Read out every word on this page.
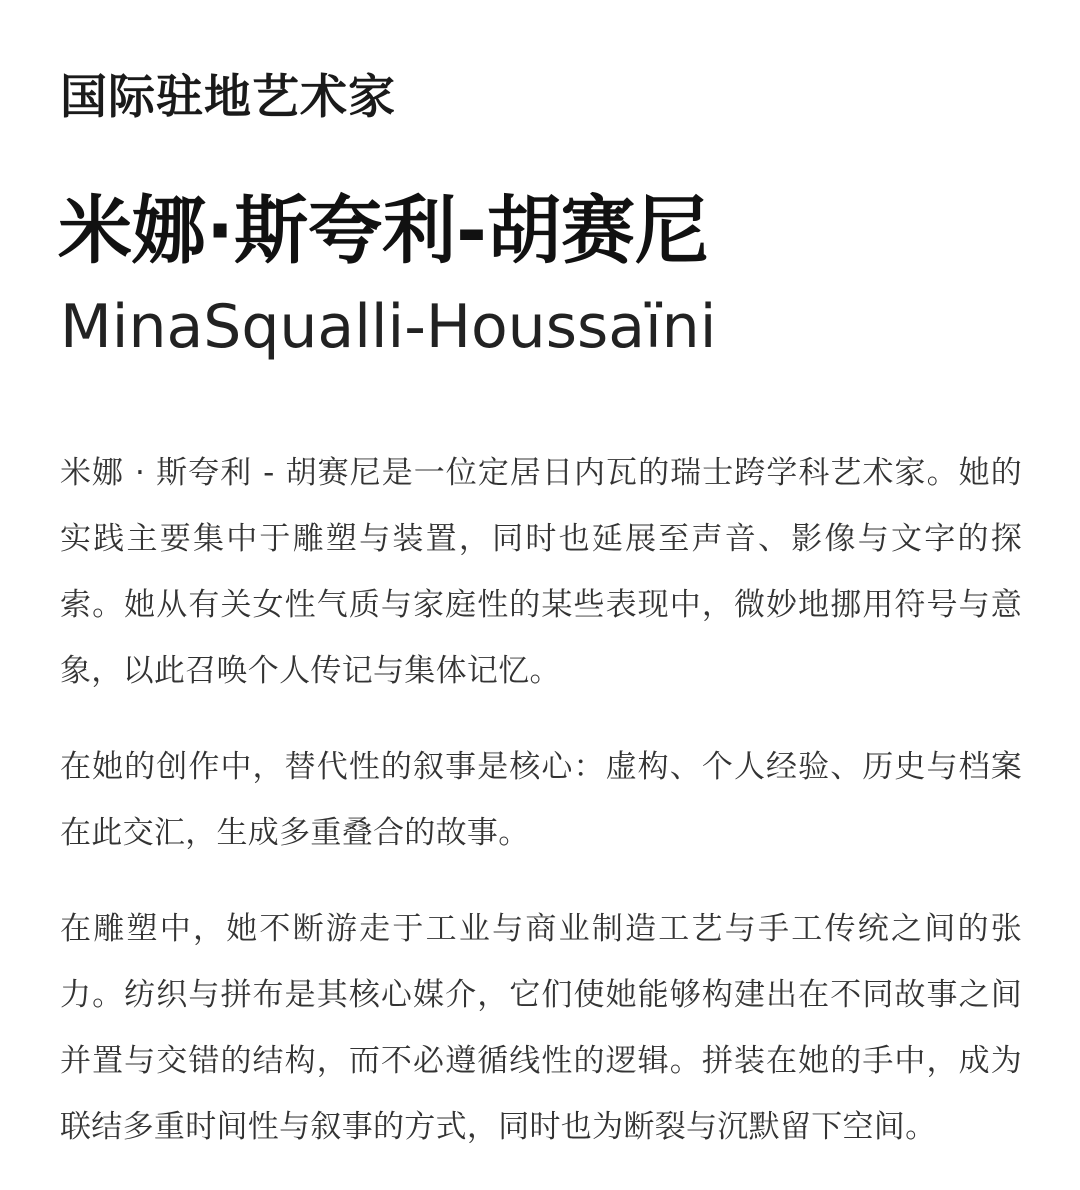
国际驻地艺术家
米娜·斯夸利-胡赛尼
MinaSqualli-Houssaïni

米娜 · 斯夸利 - 胡赛尼是一位定居日内瓦的瑞士跨学科艺术家。她的实践主要集中于雕塑与装置，同时也延展至声音、影像与文字的探索。她从有关女性气质与家庭性的某些表现中，微妙地挪用符号与意象，以此召唤个人传记与集体记忆。

在她的创作中，替代性的叙事是核心：虚构、个人经验、历史与档案在此交汇，生成多重叠合的故事。

在雕塑中，她不断游走于工业与商业制造工艺与手工传统之间的张力。纺织与拼布是其核心媒介，它们使她能够构建出在不同故事之间并置与交错的结构，而不必遵循线性的逻辑。拼装在她的手中，成为联结多重时间性与叙事的方式，同时也为断裂与沉默留下空间。
